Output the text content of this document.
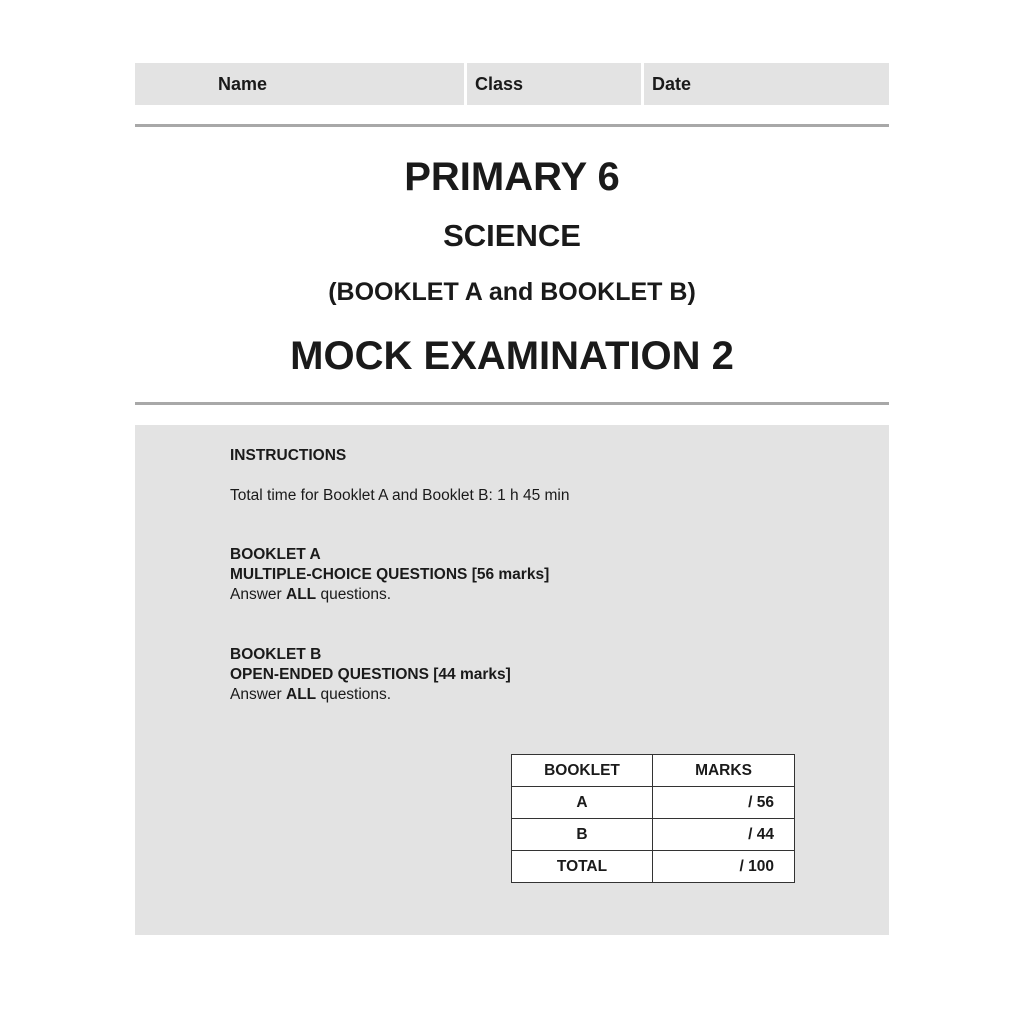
Name	Class	Date
PRIMARY 6
SCIENCE
(BOOKLET A and BOOKLET B)
MOCK EXAMINATION 2
INSTRUCTIONS
Total time for Booklet A and Booklet B: 1 h 45 min
BOOKLET A
MULTIPLE-CHOICE QUESTIONS [56 marks]
Answer ALL questions.
BOOKLET B
OPEN-ENDED QUESTIONS [44 marks]
Answer ALL questions.
BOOKLET	MARKS
A	/ 56
B	/ 44
TOTAL	/ 100
